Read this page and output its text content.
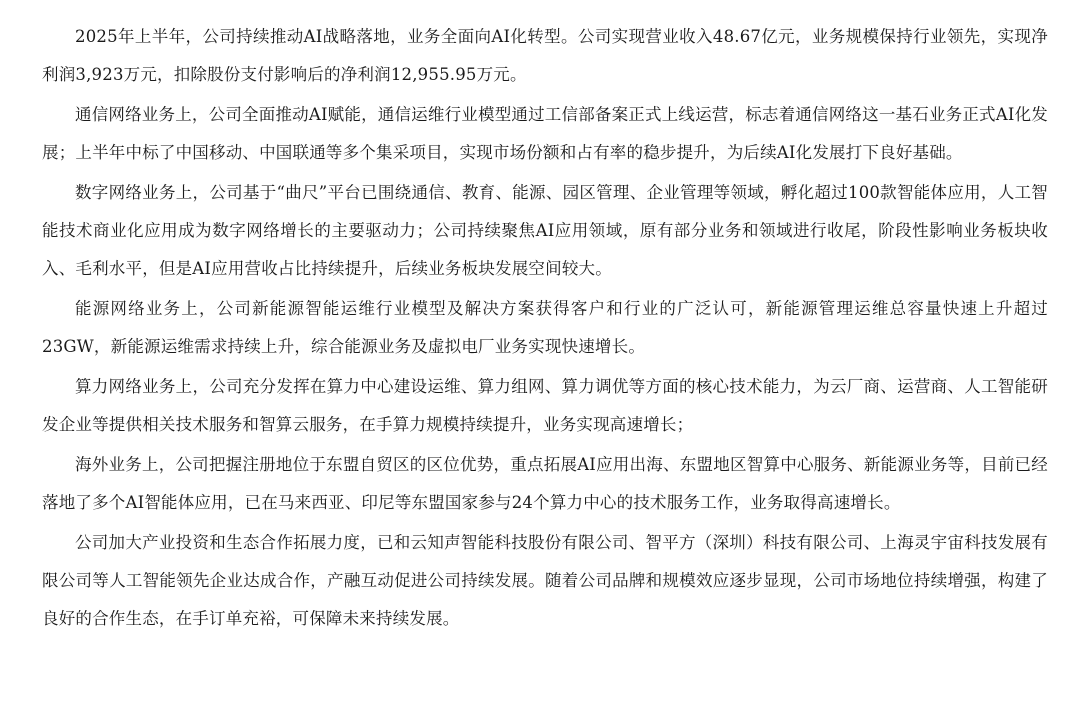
2025年上半年，公司持续推动AI战略落地，业务全面向AI化转型。公司实现营业收入48.67亿元，业务规模保持行业领先，实现净利润3,923万元，扣除股份支付影响后的净利润12,955.95万元。

通信网络业务上，公司全面推动AI赋能，通信运维行业模型通过工信部备案正式上线运营，标志着通信网络这一基石业务正式AI化发展；上半年中标了中国移动、中国联通等多个集采项目，实现市场份额和占有率的稳步提升，为后续AI化发展打下良好基础。

数字网络业务上，公司基于“曲尺”平台已围绕通信、教育、能源、园区管理、企业管理等领域，孵化超过100款智能体应用，人工智能技术商业化应用成为数字网络增长的主要驱动力；公司持续聚焦AI应用领域，原有部分业务和领域进行收尾，阶段性影响业务板块收入、毛利水平，但是AI应用营收占比持续提升，后续业务板块发展空间较大。

能源网络业务上，公司新能源智能运维行业模型及解决方案获得客户和行业的广泛认可，新能源管理运维总容量快速上升超过23GW，新能源运维需求持续上升，综合能源业务及虚拟电厂业务实现快速增长。

算力网络业务上，公司充分发挥在算力中心建设运维、算力组网、算力调优等方面的核心技术能力，为云厂商、运营商、人工智能研发企业等提供相关技术服务和智算云服务，在手算力规模持续提升，业务实现高速增长；

海外业务上，公司把握注册地位于东盟自贸区的区位优势，重点拓展AI应用出海、东盟地区智算中心服务、新能源业务等，目前已经落地了多个AI智能体应用，已在马来西亚、印尼等东盟国家参与24个算力中心的技术服务工作，业务取得高速增长。

公司加大产业投资和生态合作拓展力度，已和云知声智能科技股份有限公司、智平方（深圳）科技有限公司、上海灵宇宙科技发展有限公司等人工智能领先企业达成合作，产融互动促进公司持续发展。随着公司品牌和规模效应逐步显现，公司市场地位持续增强，构建了良好的合作生态，在手订单充裕，可保障未来持续发展。
